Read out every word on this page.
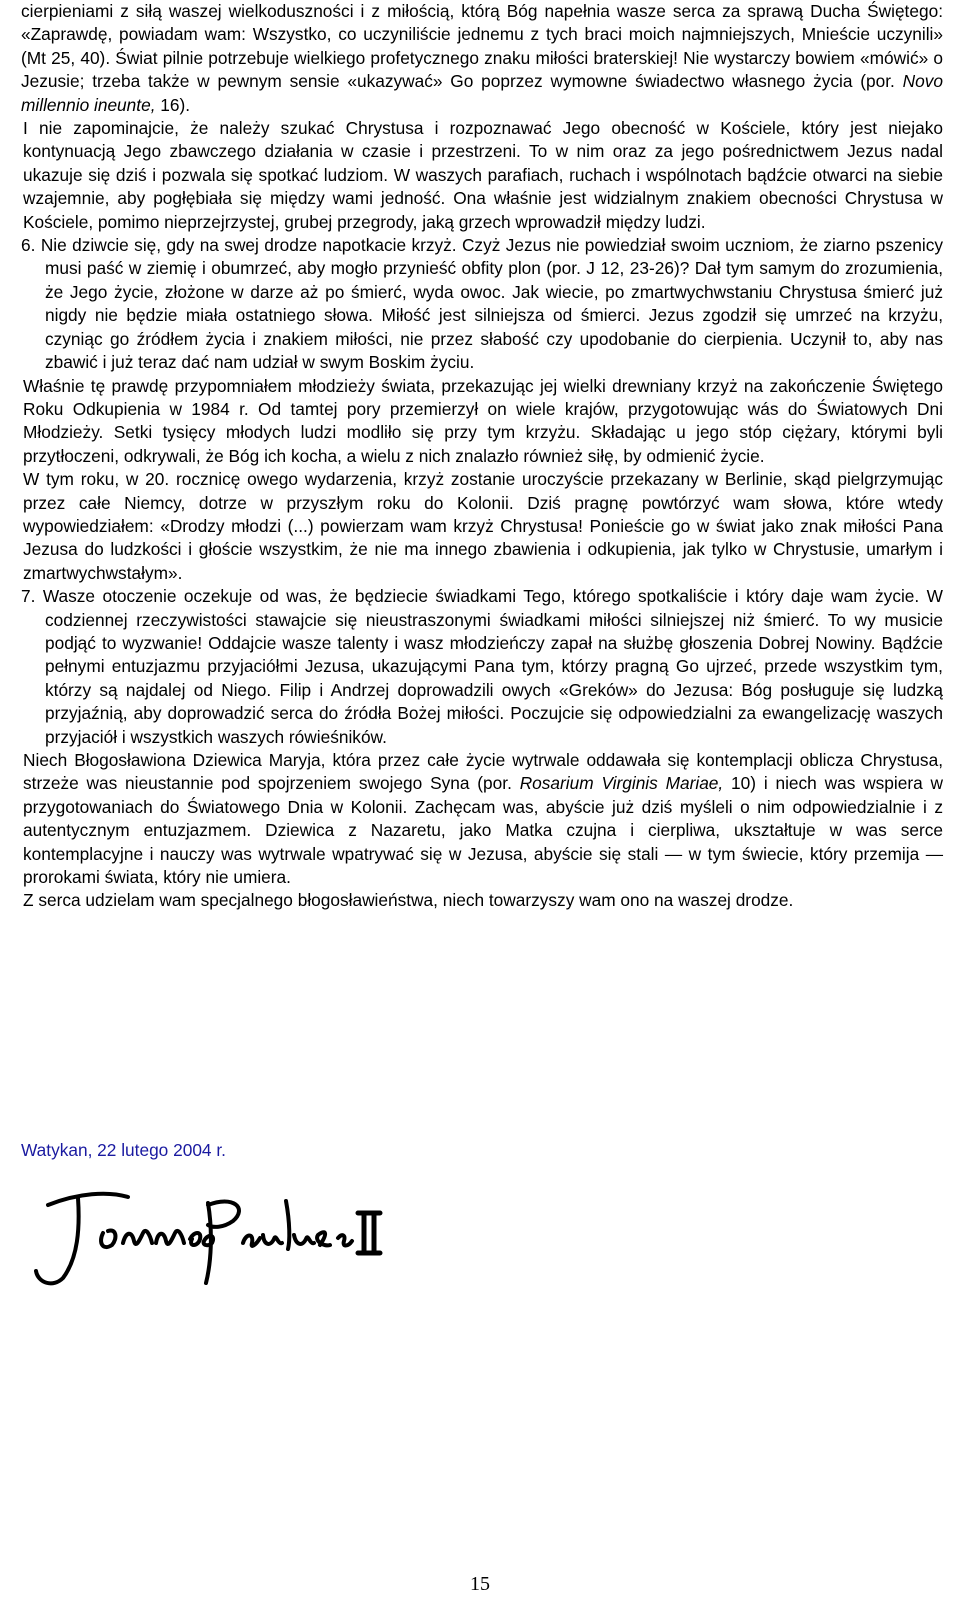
cierpieniami z siłą waszej wielkoduszności i z miłością, którą Bóg napełnia wasze serca za sprawą Ducha Świętego: «Zaprawdę, powiadam wam: Wszystko, co uczyniliście jednemu z tych braci moich najmniejszych, Mnieście uczynili» (Mt 25, 40). Świat pilnie potrzebuje wielkiego profetycznego znaku miłości braterskiej! Nie wystarczy bowiem «mówić» o Jezusie; trzeba także w pewnym sensie «ukazywać» Go poprzez wymowne świadectwo własnego życia (por. Novo millennio ineunte, 16).

I nie zapominajcie, że należy szukać Chrystusa i rozpoznawać Jego obecność w Kościele, który jest niejako kontynuacją Jego zbawczego działania w czasie i przestrzeni. To w nim oraz za jego pośrednictwem Jezus nadal ukazuje się dziś i pozwala się spotkać ludziom. W waszych parafiach, ruchach i wspólnotach bądźcie otwarci na siebie wzajemnie, aby pogłębiała się między wami jedność. Ona właśnie jest widzialnym znakiem obecności Chrystusa w Kościele, pomimo nieprzejrzystej, grubej przegrody, jaką grzech wprowadził między ludzi.

6. Nie dziwcie się, gdy na swej drodze napotkacie krzyż. Czyż Jezus nie powiedział swoim uczniom, że ziarno pszenicy musi paść w ziemię i obumrzeć, aby mogło przynieść obfity plon (por. J 12, 23-26)? Dał tym samym do zrozumienia, że Jego życie, złożone w darze aż po śmierć, wyda owoc. Jak wiecie, po zmartwychwstaniu Chrystusa śmierć już nigdy nie będzie miała ostatniego słowa. Miłość jest silniejsza od śmierci. Jezus zgodził się umrzeć na krzyżu, czyniąc go źródłem życia i znakiem miłości, nie przez słabość czy upodobanie do cierpienia. Uczynił to, aby nas zbawić i już teraz dać nam udział w swym Boskim życiu.

Właśnie tę prawdę przypomniałem młodzieży świata, przekazując jej wielki drewniany krzyż na zakończenie Świętego Roku Odkupienia w 1984 r. Od tamtej pory przemierzył on wiele krajów, przygotowując wás do Światowych Dni Młodzieży. Setki tysięcy młodych ludzi modliło się przy tym krzyżu. Składając u jego stóp ciężary, którymi byli przytłoczeni, odkrywali, że Bóg ich kocha, a wielu z nich znalazło również siłę, by odmienić życie.

W tym roku, w 20. rocznicę owego wydarzenia, krzyż zostanie uroczyście przekazany w Berlinie, skąd pielgrzymując przez całe Niemcy, dotrze w przyszłym roku do Kolonii. Dziś pragnę powtórzyć wam słowa, które wtedy wypowiedziałem: «Drodzy młodzi (...) powierzam wam krzyż Chrystusa! Ponieście go w świat jako znak miłości Pana Jezusa do ludzkości i głoście wszystkim, że nie ma innego zbawienia i odkupienia, jak tylko w Chrystusie, umarłym i zmartwychwstałym».

7. Wasze otoczenie oczekuje od was, że będziecie świadkami Tego, którego spotkaliście i który daje wam życie. W codziennej rzeczywistości stawajcie się nieustraszonymi świadkami miłości silniejszej niż śmierć. To wy musicie podjąć to wyzwanie! Oddajcie wasze talenty i wasz młodzieńczy zapał na służbę głoszenia Dobrej Nowiny. Bądźcie pełnymi entuzjazmu przyjaciółmi Jezusa, ukazującymi Pana tym, którzy pragną Go ujrzeć, przede wszystkim tym, którzy są najdalej od Niego. Filip i Andrzej doprowadzili owych «Greków» do Jezusa: Bóg posługuje się ludzką przyjaźnią, aby doprowadzić serca do źródła Bożej miłości. Poczujcie się odpowiedzialni za ewangelizację waszych przyjaciół i wszystkich waszych rówieśników.

Niech Błogosławiona Dziewica Maryja, która przez całe życie wytrwale oddawała się kontemplacji oblicza Chrystusa, strzeże was nieustannie pod spojrzeniem swojego Syna (por. Rosarium Virginis Mariae, 10) i niech was wspiera w przygotowaniach do Światowego Dnia w Kolonii. Zachęcam was, abyście już dziś myśleli o nim odpowiedzialnie i z autentycznym entuzjazmem. Dziewica z Nazaretu, jako Matka czujna i cierpliwa, ukształtuje w was serce kontemplacyjne i nauczy was wytrwale wpatrywać się w Jezusa, abyście się stali — w tym świecie, który przemija — prorokami świata, który nie umiera.

Z serca udzielam wam specjalnego błogosławieństwa, niech towarzyszy wam ono na waszej drodze.

Watykan, 22 lutego 2004 r.
15
